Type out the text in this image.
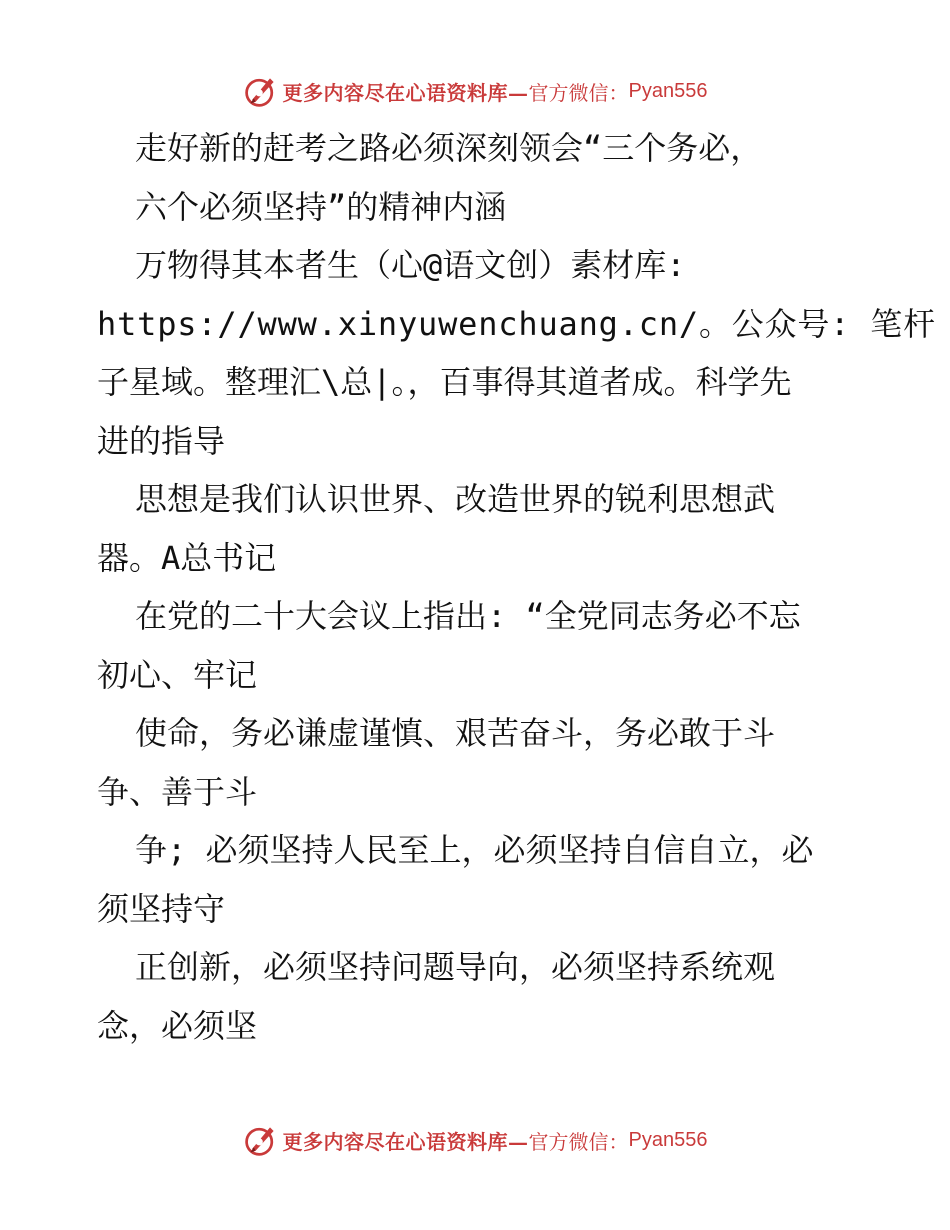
更多内容尽在心语资料库— 官方微信： Pyan556
走好新的赶考之路必须深刻领会“三个务必，
六个必须坚持”的精神内涵
万物得其本者生（心@语文创）素材库:
https://www.xinyuwenchuang.cn/。公众号: 笔杆
子星域。整理汇\总|。，百事得其道者成。科学先
进的指导
思想是我们认识世界、改造世界的锐利思想武
器。A总书记
在党的二十大会议上指出: “全党同志务必不忘
初心、牢记
使命，务必谦虚谨慎、艰苦奋斗，务必敢于斗
争、善于斗
争; 必须坚持人民至上，必须坚持自信自立，必
须坚持守
正创新，必须坚持问题导向，必须坚持系统观
念，必须坚
更多内容尽在心语资料库— 官方微信： Pyan556
